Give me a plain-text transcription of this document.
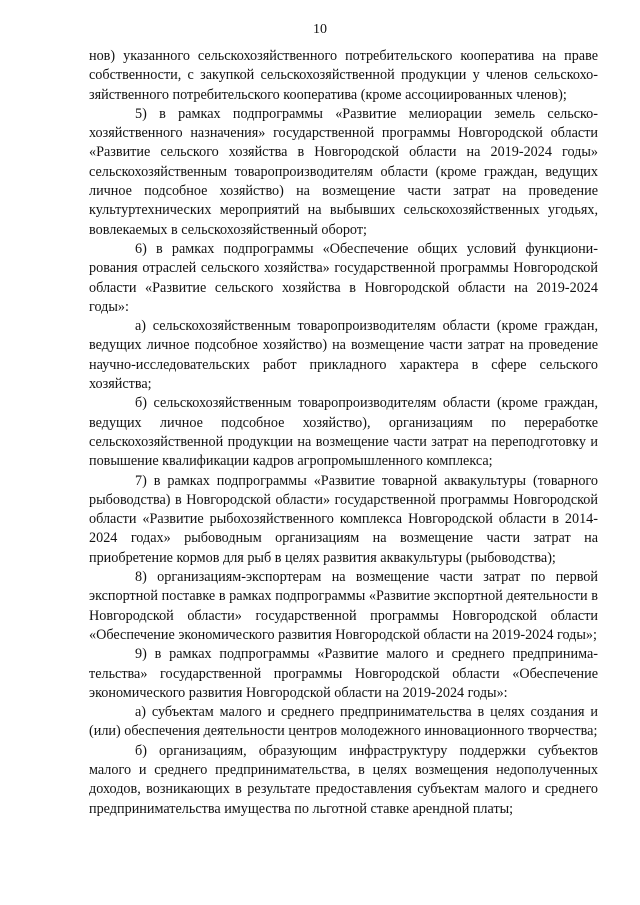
10

нов) указанного сельскохозяйственного потребительского кооператива на праве собственности, с закупкой сельскохозяйственной продукции у членов сельскохозяйственного потребительского кооператива (кроме ассоциированных членов);

5) в рамках подпрограммы «Развитие мелиорации земель сельскохозяйственного назначения» государственной программы Новгородской области «Развитие сельского хозяйства в Новгородской области на 2019-2024 годы» сельскохозяйственным товаропроизводителям области (кроме граждан, ведущих личное подсобное хозяйство) на возмещение части затрат на проведение культуртехнических мероприятий на выбывших сельскохозяйственных угодьях, вовлекаемых в сельскохозяйственный оборот;

6) в рамках подпрограммы «Обеспечение общих условий функционирования отраслей сельского хозяйства» государственной программы Новгородской области «Развитие сельского хозяйства в Новгородской области на 2019-2024 годы»:

а) сельскохозяйственным товаропроизводителям области (кроме граждан, ведущих личное подсобное хозяйство) на возмещение части затрат на проведение научно-исследовательских работ прикладного характера в сфере сельского хозяйства;

б) сельскохозяйственным товаропроизводителям области (кроме граждан, ведущих личное подсобное хозяйство), организациям по переработке сельскохозяйственной продукции на возмещение части затрат на переподготовку и повышение квалификации кадров агропромышленного комплекса;

7) в рамках подпрограммы «Развитие товарной аквакультуры (товарного рыбоводства) в Новгородской области» государственной программы Новгородской области «Развитие рыбохозяйственного комплекса Новгородской области в 2014-2024 годах» рыбоводным организациям на возмещение части затрат на приобретение кормов для рыб в целях развития аквакультуры (рыбоводства);

8) организациям-экспортерам на возмещение части затрат по первой экспортной поставке в рамках подпрограммы «Развитие экспортной деятельности в Новгородской области» государственной программы Новгородской области «Обеспечение экономического развития Новгородской области на 2019-2024 годы»;

9) в рамках подпрограммы «Развитие малого и среднего предпринимательства» государственной программы Новгородской области «Обеспечение экономического развития Новгородской области на 2019-2024 годы»:

а) субъектам малого и среднего предпринимательства в целях создания и (или) обеспечения деятельности центров молодежного инновационного творчества;

б) организациям, образующим инфраструктуру поддержки субъектов малого и среднего предпринимательства, в целях возмещения недополученных доходов, возникающих в результате предоставления субъектам малого и среднего предпринимательства имущества по льготной ставке арендной платы;
